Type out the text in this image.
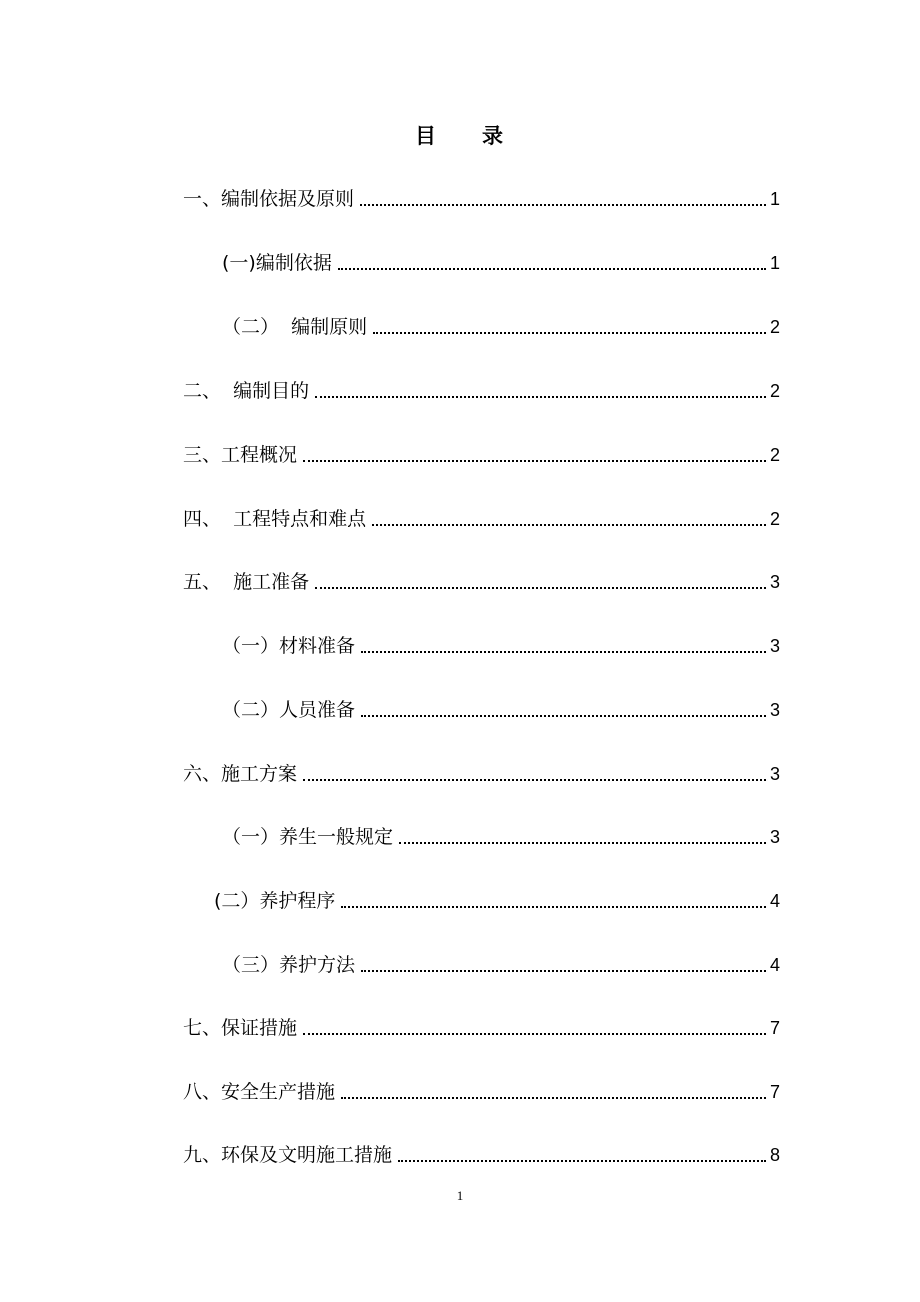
目 录
一、编制依据及原则	1
(一)编制依据	1
（二）  编制原则	2
二、  编制目的	2
三、工程概况	2
四、  工程特点和难点	2
五、  施工准备	3
（一）材料准备	3
（二）人员准备	3
六、施工方案	3
（一）养生一般规定	3
(二）养护程序	4
（三）养护方法	4
七、保证措施	7
八、安全生产措施	7
九、环保及文明施工措施	8
1
